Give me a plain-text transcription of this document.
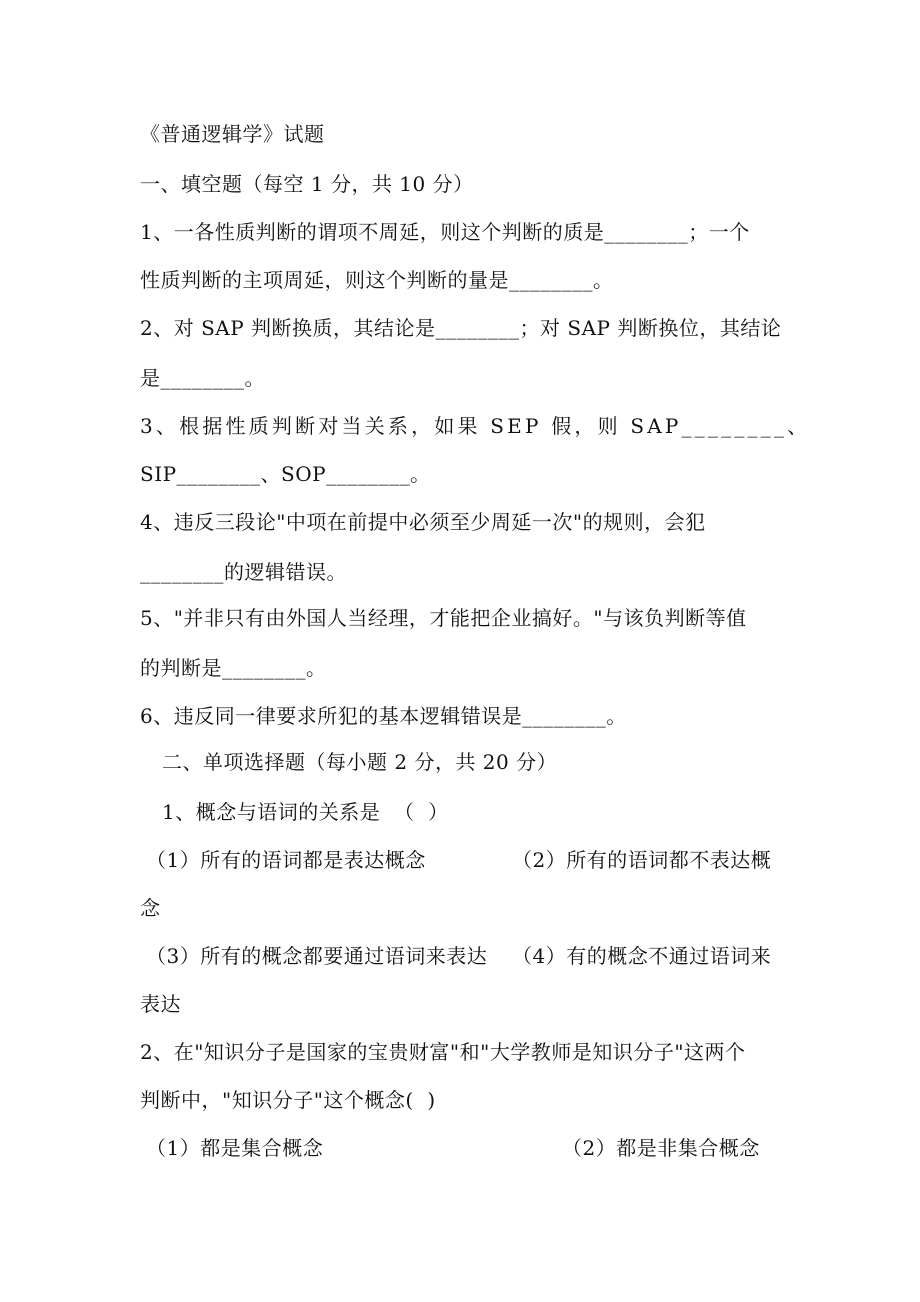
《普通逻辑学》试题
一、填空题（每空 1 分，共 10 分）
1、一各性质判断的谓项不周延，则这个判断的质是________；一个
性质判断的主项周延，则这个判断的量是________。
2、对 SAP 判断换质，其结论是________；对 SAP 判断换位，其结论
是________。
3、根据性质判断对当关系，如果 SEP 假，则 SAP________、
SIP________、SOP________。
4、违反三段论"中项在前提中必须至少周延一次"的规则，会犯
________的逻辑错误。
5、"并非只有由外国人当经理，才能把企业搞好。"与该负判断等值
的判断是________。
6、违反同一律要求所犯的基本逻辑错误是________。
二、单项选择题（每小题 2 分，共 20 分）
1、概念与语词的关系是  （  ）
（1）所有的语词都是表达概念	（2）所有的语词都不表达概
念
（3）所有的概念都要通过语词来表达 （4）有的概念不通过语词来
表达
2、在"知识分子是国家的宝贵财富"和"大学教师是知识分子"这两个
判断中，"知识分子"这个概念(  )
（1）都是集合概念	（2）都是非集合概念
